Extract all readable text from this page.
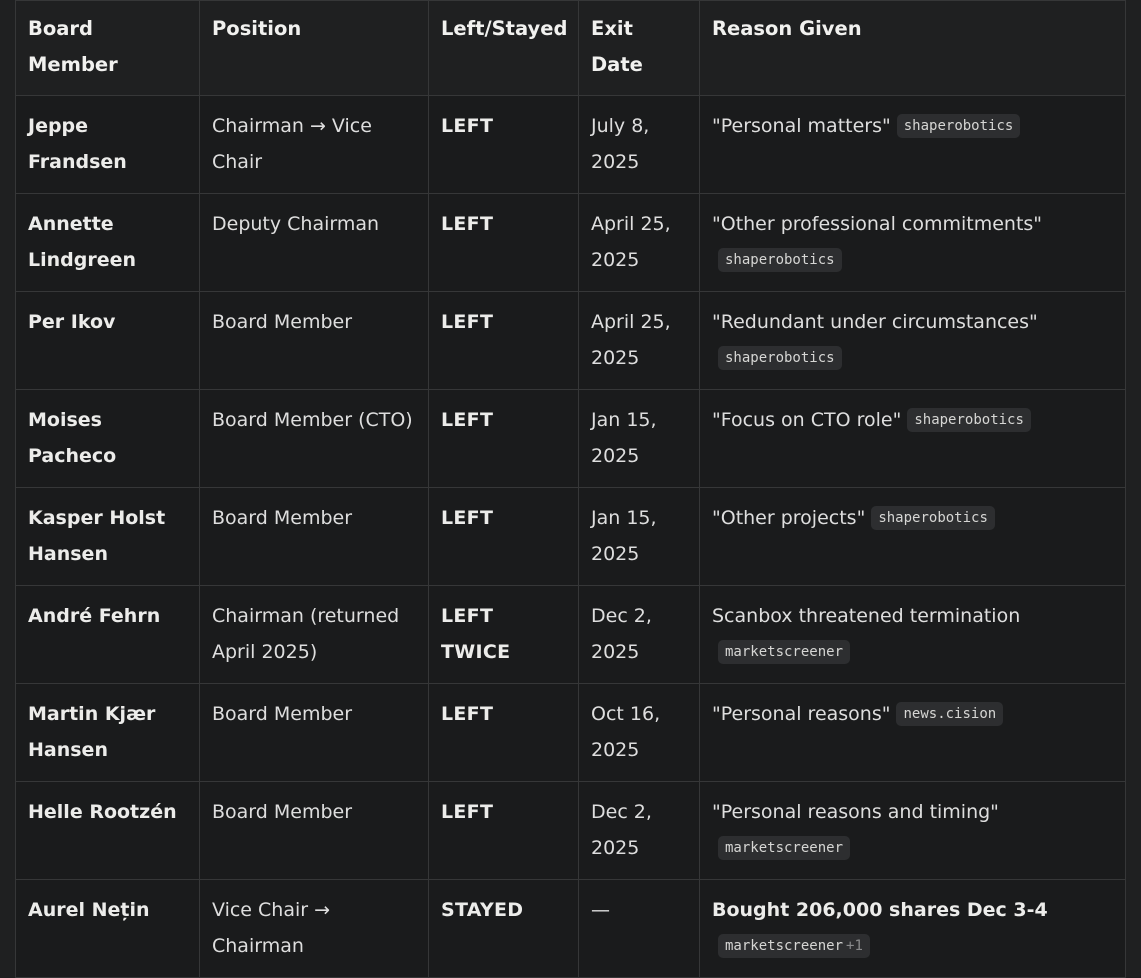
Board Member	Position	Left/Stayed	Exit Date	Reason Given
Jeppe Frandsen	Chairman → Vice Chair	LEFT	July 8, 2025	"Personal matters" shaperobotics
Annette Lindgreen	Deputy Chairman	LEFT	April 25, 2025	"Other professional commitments"shaperobotics
Per Ikov	Board Member	LEFT	April 25, 2025	"Redundant under circumstances"shaperobotics
Moises Pacheco	Board Member (CTO)	LEFT	Jan 15, 2025	"Focus on CTO role" shaperobotics
Kasper Holst Hansen	Board Member	LEFT	Jan 15, 2025	"Other projects" shaperobotics
André Fehrn	Chairman (returned April 2025)	LEFT TWICE	Dec 2, 2025	Scanbox threatened terminationmarketscreener
Martin Kjær Hansen	Board Member	LEFT	Oct 16, 2025	"Personal reasons" news.cision
Helle Rootzén	Board Member	LEFT	Dec 2, 2025	"Personal reasons and timing"marketscreener
Aurel Nețin	Vice Chair → Chairman	STAYED	—	Bought 206,000 shares Dec 3-4marketscreener +1
